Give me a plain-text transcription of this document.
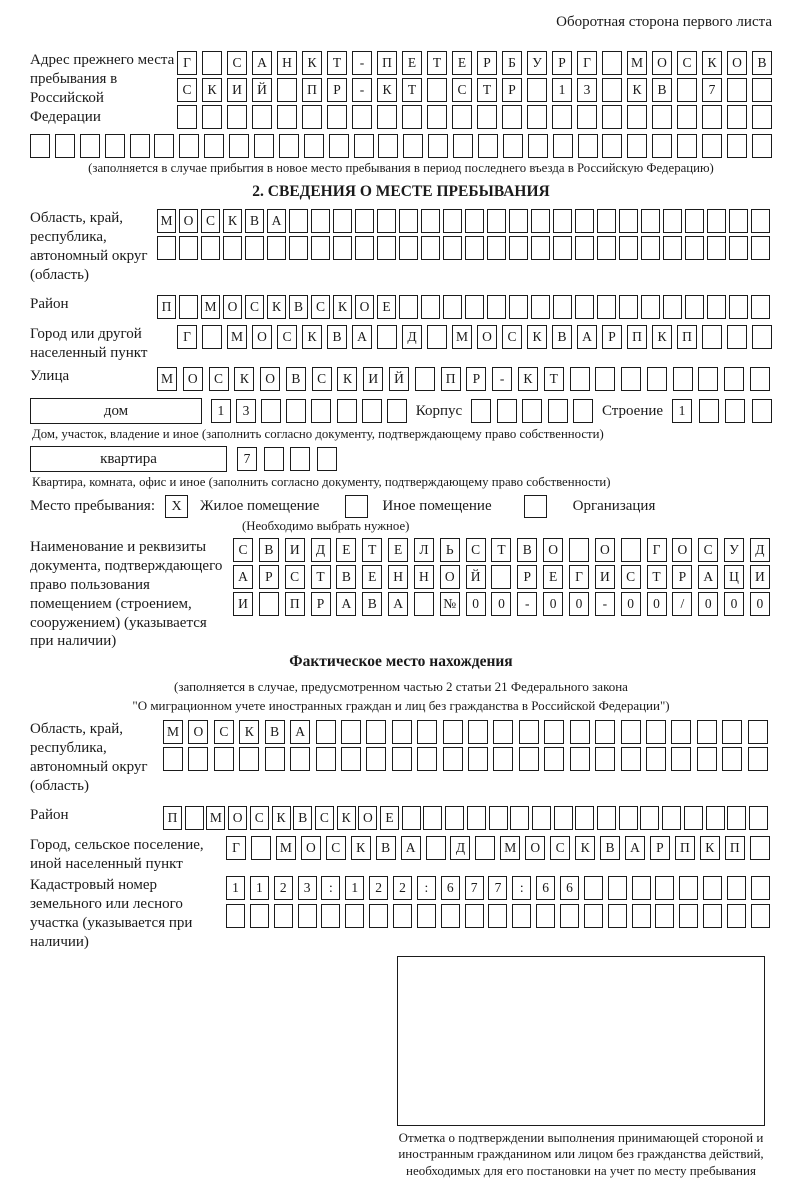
Оборотная сторона первого листа
Адрес прежнего места пребывания в Российской Федерации
Г	С	А	Н	К	Т	-	П	Е	Т	Е	Р	Б	У	Р	Г	М	О	С	К	О	В
С	К	И	Й	П	Р	-	К	Т	С	Т	Р	1	3	К	В	7
(заполняется в случае прибытия в новое место пребывания в период последнего въезда в Российскую Федерацию)
2. СВЕДЕНИЯ О МЕСТЕ ПРЕБЫВАНИЯ
Область, край, республика, автономный округ (область)
М О С К В А
Район	П	М О С К В С К О Е
Город или другой населенный пункт
Г	М	О	С	К	В	А	Д	М	О	С	К	В	А	Р	П	К	П
Улица	М	О	С	К	О	В	С	К	И	Й	П	Р	-	К	Т
дом	1	3	Корпус	Строение	1
Дом, участок, владение и иное (заполнить согласно документу, подтверждающему право собственности)
квартира	7
Квартира, комната, офис и иное (заполнить согласно документу, подтверждающему право собственности)
Место пребывания:	X	Жилое помещение	Иное помещение	Организация
(Необходимо выбрать нужное)
Наименование и реквизиты документа, подтверждающего право пользования помещением (строением, сооружением) (указывается при наличии)
С	В	И	Д	Е	Т	Е	Л	Ь	С	Т	В	О	О	Г	О	С	У	Д
А	Р	С	Т	В	Е	Н	Н	О	Й	Р	Е	Г	И	С	Т	Р	А	Ц	И
И	П	Р	А	В	А	№	0	0	-	0	0	-	0	0	/	0	0	0
Фактическое место нахождения
(заполняется в случае, предусмотренном частью 2 статьи 21 Федерального закона
"О миграционном учете иностранных граждан и лиц без гражданства в Российской Федерации")
Область, край, республика, автономный округ (область)
М	О	С	К	В	А
Район	П	М О С К В С К О Е
Город, сельское поселение, иной населенный пункт
Г	М	О	С	К	В	А	Д	М	О	С	К	В	А	Р	П	К	П
Кадастровый номер земельного или лесного участка (указывается при наличии)
1	1	2	3	:	1	2	2	:	6	7	7	:	6	6
Отметка о подтверждении выполнения принимающей стороной и иностранным гражданином или лицом без гражданства действий, необходимых для его постановки на учет по месту пребывания
